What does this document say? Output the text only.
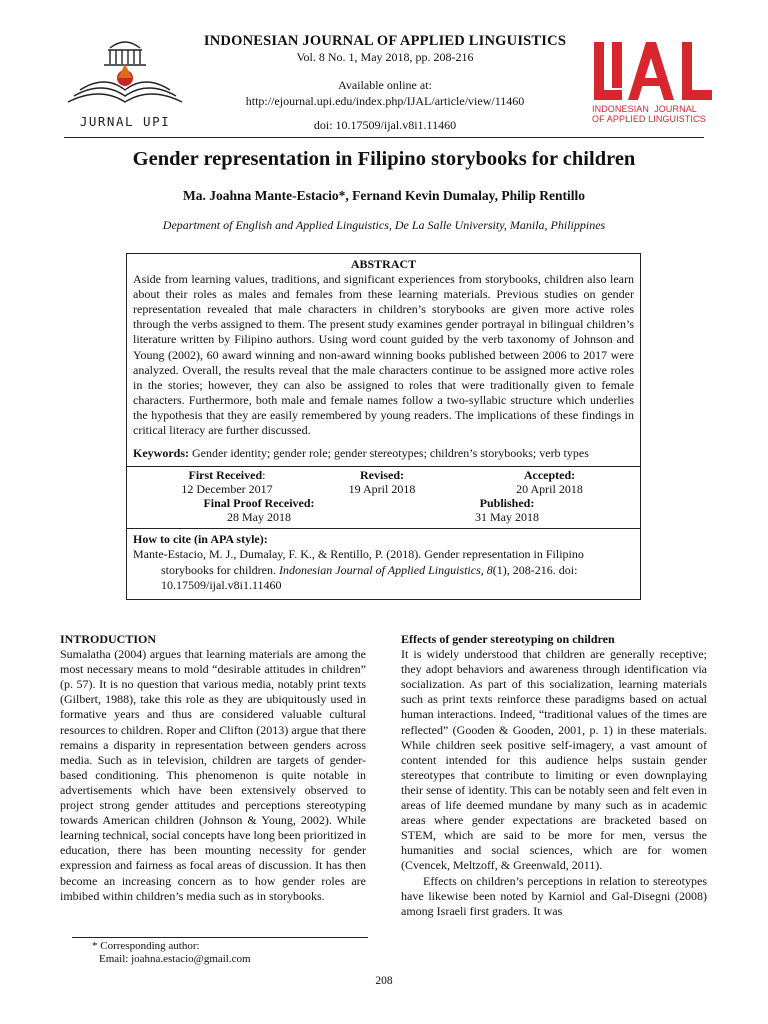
JURNAL UPI
INDONESIAN JOURNAL OF APPLIED LINGUISTICS
Vol. 8 No. 1, May 2018, pp. 208-216
Available online at:
http://ejournal.upi.edu/index.php/IJAL/article/view/11460
doi: 10.17509/ijal.v8i1.11460
INDONESIAN  JOURNAL
OF APPLIED LINGUISTICS
Gender representation in Filipino storybooks for children
Ma. Joahna Mante-Estacio*, Fernand Kevin Dumalay, Philip Rentillo
Department of English and Applied Linguistics, De La Salle University, Manila, Philippines
ABSTRACT
Aside from learning values, traditions, and significant experiences from storybooks, children also learn about their roles as males and females from these learning materials. Previous studies on gender representation revealed that male characters in children’s storybooks are given more active roles through the verbs assigned to them. The present study examines gender portrayal in bilingual children’s literature written by Filipino authors. Using word count guided by the verb taxonomy of Johnson and Young (2002), 60 award winning and non-award winning books published between 2006 to 2017 were analyzed. Overall, the results reveal that the male characters continue to be assigned more active roles in the stories; however, they can also be assigned to roles that were traditionally given to female characters. Furthermore, both male and female names follow a two-syllabic structure which underlies the hypothesis that they are easily remembered by young readers. The implications of these findings in critical literacy are further discussed.
Keywords: Gender identity; gender role; gender stereotypes; children’s storybooks; verb types
First Received:
12 December 2017
Revised:
19 April 2018
Accepted:
20 April 2018
Final Proof Received:
28 May 2018
Published:
31 May 2018
How to cite (in APA style):
Mante-Estacio, M. J., Dumalay, F. K., & Rentillo, P. (2018). Gender representation in Filipino storybooks for children. Indonesian Journal of Applied Linguistics, 8(1), 208-216. doi: 10.17509/ijal.v8i1.11460
INTRODUCTION
Sumalatha (2004) argues that learning materials are among the most necessary means to mold “desirable attitudes in children” (p. 57). It is no question that various media, notably print texts (Gilbert, 1988), take this role as they are ubiquitously used in formative years and thus are considered valuable cultural resources to children. Roper and Clifton (2013) argue that there remains a disparity in representation between genders across media. Such as in television, children are targets of gender-based conditioning. This phenomenon is quite notable in advertisements which have been extensively observed to project strong gender attitudes and perceptions stereotyping towards American children (Johnson & Young, 2002). While learning technical, social concepts have long been prioritized in education, there has been mounting necessity for gender expression and fairness as focal areas of discussion. It has then become an increasing concern as to how gender roles are imbibed within children’s media such as in storybooks.
Effects of gender stereotyping on children
It is widely understood that children are generally receptive; they adopt behaviors and awareness through identification via socialization. As part of this socialization, learning materials such as print texts reinforce these paradigms based on actual human interactions. Indeed, “traditional values of the times are reflected” (Gooden & Gooden, 2001, p. 1) in these materials. While children seek positive self-imagery, a vast amount of content intended for this audience helps sustain gender stereotypes that contribute to limiting or even downplaying their sense of identity. This can be notably seen and felt even in areas of life deemed mundane by many such as in academic areas where gender expectations are bracketed based on STEM, which are said to be more for men, versus the humanities and social sciences, which are for women (Cvencek, Meltzoff, & Greenwald, 2011).
Effects on children’s perceptions in relation to stereotypes have likewise been noted by Karniol and Gal-Disegni (2008) among Israeli first graders. It was
* Corresponding author:
Email: joahna.estacio@gmail.com
208
